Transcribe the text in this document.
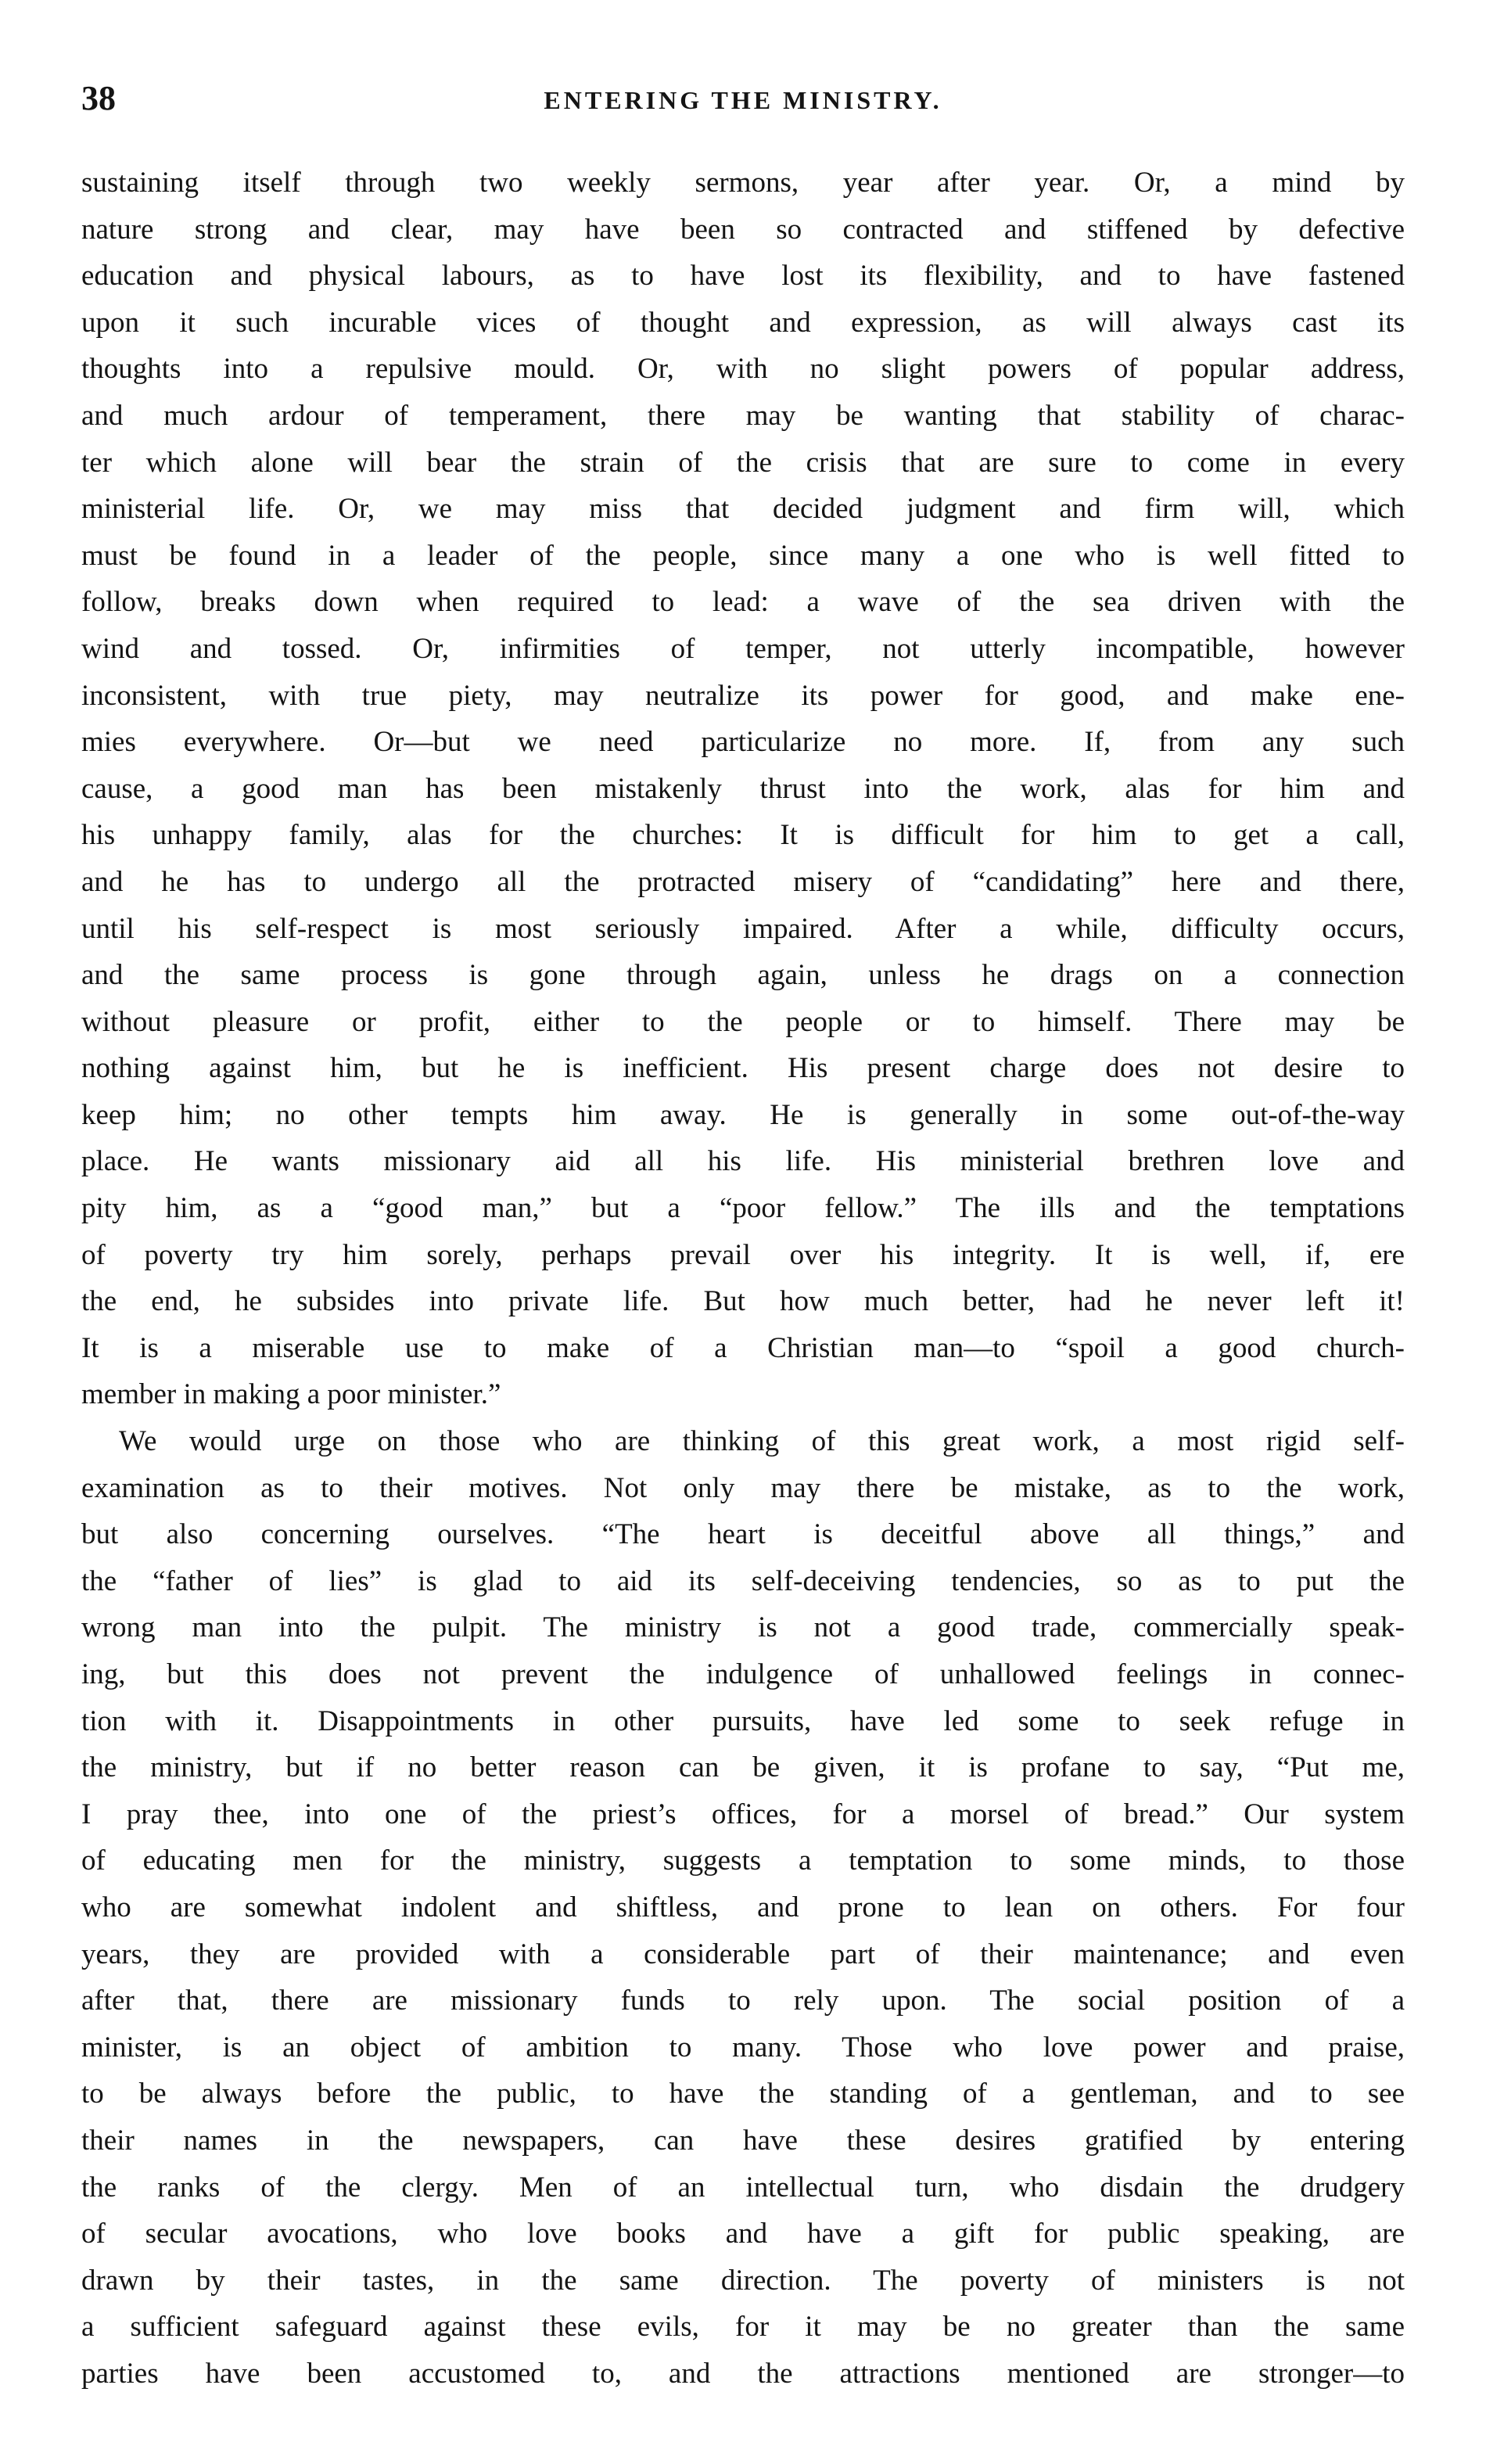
38	ENTERING THE MINISTRY.
sustaining itself through two weekly sermons, year after year. Or, a mind by
nature strong and clear, may have been so contracted and stiffened by defective
education and physical labours, as to have lost its flexibility, and to have fastened
upon it such incurable vices of thought and expression, as will always cast its
thoughts into a repulsive mould. Or, with no slight powers of popular address,
and much ardour of temperament, there may be wanting that stability of charac-
ter which alone will bear the strain of the crisis that are sure to come in every
ministerial life. Or, we may miss that decided judgment and firm will, which
must be found in a leader of the people, since many a one who is well fitted to
follow, breaks down when required to lead: a wave of the sea driven with the
wind and tossed. Or, infirmities of temper, not utterly incompatible, however
inconsistent, with true piety, may neutralize its power for good, and make ene-
mies everywhere. Or—but we need particularize no more. If, from any such
cause, a good man has been mistakenly thrust into the work, alas for him and
his unhappy family, alas for the churches: It is difficult for him to get a call,
and he has to undergo all the protracted misery of “candidating” here and there,
until his self-respect is most seriously impaired. After a while, difficulty occurs,
and the same process is gone through again, unless he drags on a connection
without pleasure or profit, either to the people or to himself. There may be
nothing against him, but he is inefficient. His present charge does not desire to
keep him; no other tempts him away. He is generally in some out-of-the-way
place. He wants missionary aid all his life. His ministerial brethren love and
pity him, as a “good man,” but a “poor fellow.” The ills and the temptations
of poverty try him sorely, perhaps prevail over his integrity. It is well, if, ere
the end, he subsides into private life. But how much better, had he never left it!
It is a miserable use to make of a Christian man—to “spoil a good church-
member in making a poor minister.”
We would urge on those who are thinking of this great work, a most rigid self-
examination as to their motives. Not only may there be mistake, as to the work,
but also concerning ourselves. “The heart is deceitful above all things,” and
the “father of lies” is glad to aid its self-deceiving tendencies, so as to put the
wrong man into the pulpit. The ministry is not a good trade, commercially speak-
ing, but this does not prevent the indulgence of unhallowed feelings in connec-
tion with it. Disappointments in other pursuits, have led some to seek refuge in
the ministry, but if no better reason can be given, it is profane to say, “Put me,
I pray thee, into one of the priest’s offices, for a morsel of bread.” Our system
of educating men for the ministry, suggests a temptation to some minds, to those
who are somewhat indolent and shiftless, and prone to lean on others. For four
years, they are provided with a considerable part of their maintenance; and even
after that, there are missionary funds to rely upon. The social position of a
minister, is an object of ambition to many. Those who love power and praise,
to be always before the public, to have the standing of a gentleman, and to see
their names in the newspapers, can have these desires gratified by entering
the ranks of the clergy. Men of an intellectual turn, who disdain the drudgery
of secular avocations, who love books and have a gift for public speaking, are
drawn by their tastes, in the same direction. The poverty of ministers is not
a sufficient safeguard against these evils, for it may be no greater than the same
parties have been accustomed to, and the attractions mentioned are stronger—to
